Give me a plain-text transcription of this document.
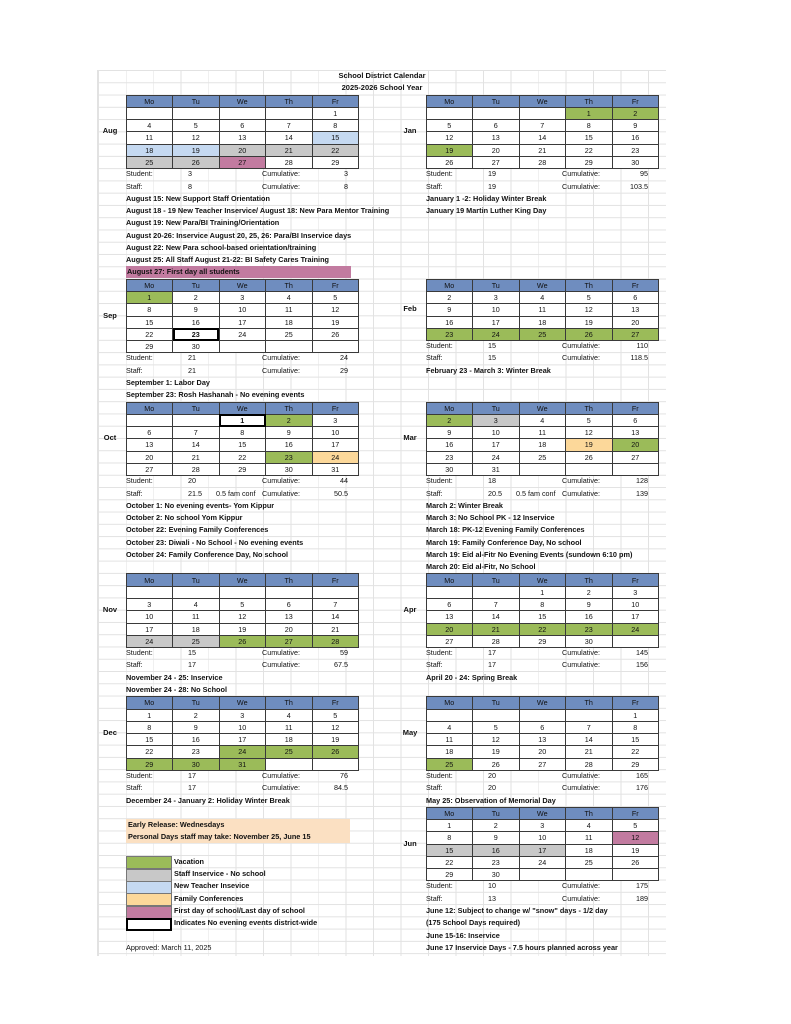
School District Calendar
2025-2026 School Year
Mo	Tu	We	Th	Fr
				1
4	5	6	7	8
11	12	13	14	15
18	19	20	21	22
25	26	27	28	29
Aug
Student:	3	Cumulative:	3
Staff:	8	Cumulative:	8
August 15: New Support Staff Orientation
August 18 - 19 New Teacher Inservice/ August 18: New Para Mentor Training
August 19: New Para/BI Training/Orientation
August 20-26: Inservice August 20, 25, 26: Para/BI Inservice days
August 22: New Para school-based orientation/training
August 25: All Staff August 21-22: BI Safety Cares Training
August 27: First day all students
Mo	Tu	We	Th	Fr
1	2	3	4	5
8	9	10	11	12
15	16	17	18	19
22	23	24	25	26
29	30			
Sep
Student:	21	Cumulative:	24
Staff:	21	Cumulative:	29
September 1: Labor Day
September 23: Rosh Hashanah - No evening events
Mo	Tu	We	Th	Fr
		1	2	3
6	7	8	9	10
13	14	15	16	17
20	21	22	23	24
27	28	29	30	31
Oct
Student:	20	Cumulative:	44
Staff:	21.5 0.5 fam conf Cumulative:	50.5
October 1: No evening events- Yom Kippur
October 2: No school Yom Kippur
October 22: Evening Family Conferences
October 23: Diwali - No School - No evening events
October 24: Family Conference Day, No school
Mo	Tu	We	Th	Fr

3	4	5	6	7
10	11	12	13	14
17	18	19	20	21
24	25	26	27	28
Nov
Student:	15	Cumulative:	59
Staff:	17	Cumulative:	67.5
November 24 - 25: Inservice
November 24 - 28: No School
Mo	Tu	We	Th	Fr
1	2	3	4	5
8	9	10	11	12
15	16	17	18	19
22	23	24	25	26
29	30	31		
Dec
Student:	17	Cumulative:	76
Staff:	17	Cumulative:	84.5
December 24 - January 2: Holiday Winter Break
Mo	Tu	We	Th	Fr
			1	2
5	6	7	8	9
12	13	14	15	16
19	20	21	22	23
26	27	28	29	30
Jan
Student:	19	Cumulative:	95
Staff:	19	Cumulative:	103.5
January 1 -2: Holiday Winter Break
January 19 Martin Luther King Day
Mo	Tu	We	Th	Fr
2	3	4	5	6
9	10	11	12	13
16	17	18	19	20
23	24	25	26	27
Feb
Student:	15	Cumulative:	110
Staff:	15	Cumulative:	118.5
February 23 - March 3: Winter Break
Mo	Tu	We	Th	Fr
2	3	4	5	6
9	10	11	12	13
16	17	18	19	20
23	24	25	26	27
30	31			
Mar
Student:	18	Cumulative:	128
Staff:	20.5 0.5 fam conf Cumulative:	139
March 2: Winter Break
March 3: No School PK - 12 Inservice
March 18: PK-12 Evening Family Conferences
March 19: Family Conference Day, No school
March 19: Eid al-Fitr No Evening Events (sundown 6:10 pm)
March 20: Eid al-Fitr, No School
Mo	Tu	We	Th	Fr
		1	2	3
6	7	8	9	10
13	14	15	16	17
20	21	22	23	24
27	28	29	30	
Apr
Student:	17	Cumulative:	145
Staff:	17	Cumulative:	156
April 20 - 24: Spring Break
Mo	Tu	We	Th	Fr
				1
4	5	6	7	8
11	12	13	14	15
18	19	20	21	22
25	26	27	28	29
May
Student:	20	Cumulative:	165
Staff:	20	Cumulative:	176
May 25: Observation of Memorial Day
Mo	Tu	We	Th	Fr
1	2	3	4	5
8	9	10	11	12
15	16	17	18	19
22	23	24	25	26
29	30			
Jun
Student:	10	Cumulative:	175
Staff:	13	Cumulative:	189
June 12: Subject to change w/ "snow" days - 1/2 day
(175 School Days required)
June 15-16: Inservice
June 17 Inservice Days - 7.5 hours planned across year
Early Release: Wednesdays
Personal Days staff may take: November 25, June 15
Vacation
Staff Inservice - No school
New Teacher Insevice
Family Conferences
First day of school/Last day of school
Indicates No evening events district-wide
Approved: March 11, 2025
